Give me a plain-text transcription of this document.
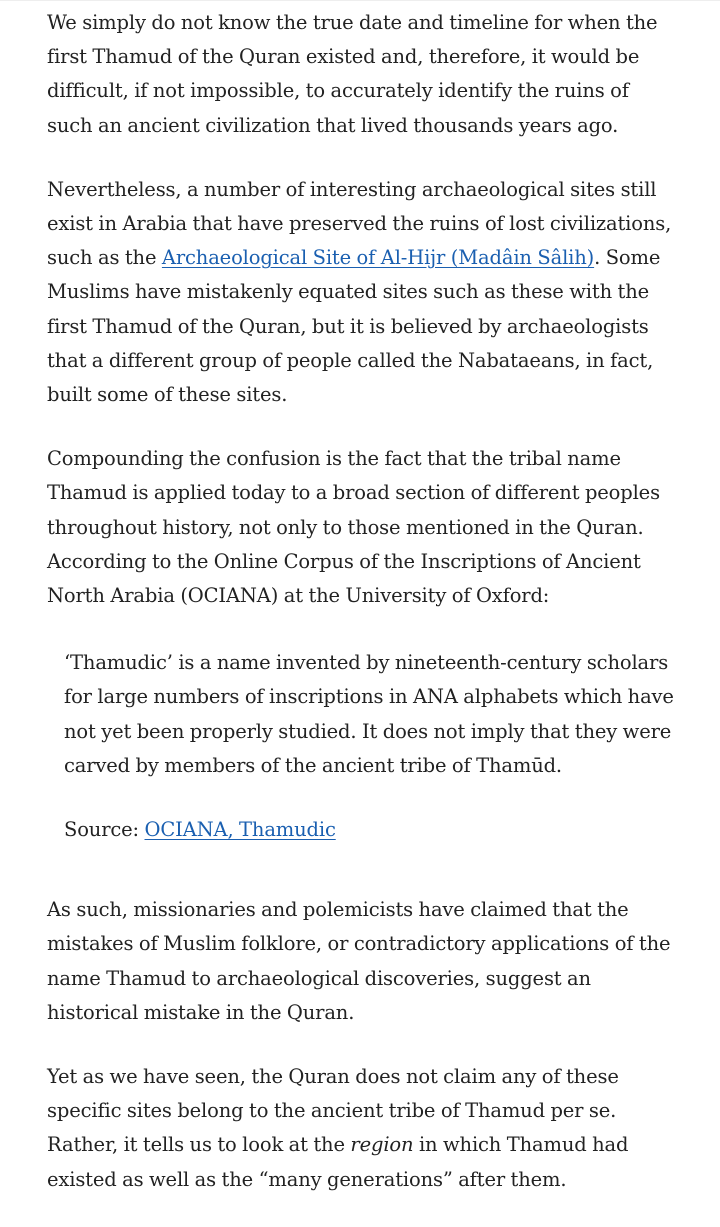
We simply do not know the true date and timeline for when the first Thamud of the Quran existed and, therefore, it would be difficult, if not impossible, to accurately identify the ruins of such an ancient civilization that lived thousands years ago.

Nevertheless, a number of interesting archaeological sites still exist in Arabia that have preserved the ruins of lost civilizations, such as the Archaeological Site of Al-Hijr (Madâin Sâlih). Some Muslims have mistakenly equated sites such as these with the first Thamud of the Quran, but it is believed by archaeologists that a different group of people called the Nabataeans, in fact, built some of these sites.

Compounding the confusion is the fact that the tribal name Thamud is applied today to a broad section of different peoples throughout history, not only to those mentioned in the Quran. According to the Online Corpus of the Inscriptions of Ancient North Arabia (OCIANA) at the University of Oxford:

‘Thamudic’ is a name invented by nineteenth-century scholars for large numbers of inscriptions in ANA alphabets which have not yet been properly studied. It does not imply that they were carved by members of the ancient tribe of Thamūd.

Source: OCIANA, Thamudic

As such, missionaries and polemicists have claimed that the mistakes of Muslim folklore, or contradictory applications of the name Thamud to archaeological discoveries, suggest an historical mistake in the Quran.

Yet as we have seen, the Quran does not claim any of these specific sites belong to the ancient tribe of Thamud per se. Rather, it tells us to look at the region in which Thamud had existed as well as the “many generations” after them.
